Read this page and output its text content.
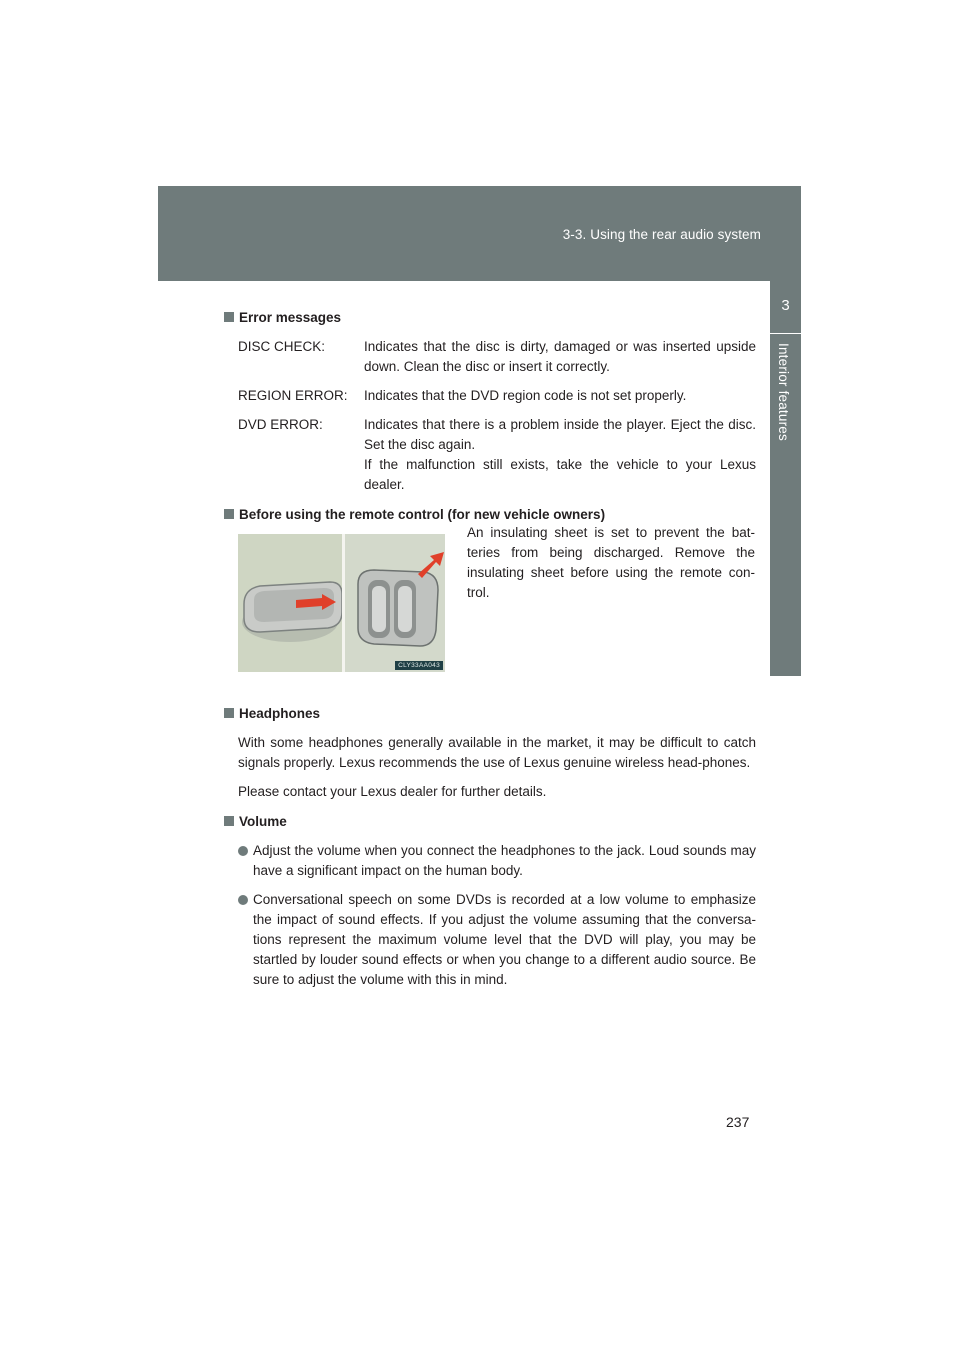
3-3. Using the rear audio system
3
Interior features
Error messages
DISC CHECK:	Indicates that the disc is dirty, damaged or was inserted upside down. Clean the disc or insert it correctly.

REGION ERROR:	Indicates that the DVD region code is not set properly.

DVD ERROR:	Indicates that there is a problem inside the player. Eject the disc. Set the disc again.

If the malfunction still exists, take the vehicle to your Lexus dealer.

Before using the remote control (for new vehicle owners)
CLY33AA043
An insulating sheet is set to prevent the bat-teries from being discharged. Remove the insulating sheet before using the remote con-trol.
Headphones

With some headphones generally available in the market, it may be difficult to catch signals properly. Lexus recommends the use of Lexus genuine wireless head-phones.

Please contact your Lexus dealer for further details.

Volume
Adjust the volume when you connect the headphones to the jack. Loud sounds may have a significant impact on the human body.
Conversational speech on some DVDs is recorded at a low volume to emphasize the impact of sound effects. If you adjust the volume assuming that the conversa-tions represent the maximum volume level that the DVD will play, you may be startled by louder sound effects or when you change to a different audio source. Be sure to adjust the volume with this in mind.
237
